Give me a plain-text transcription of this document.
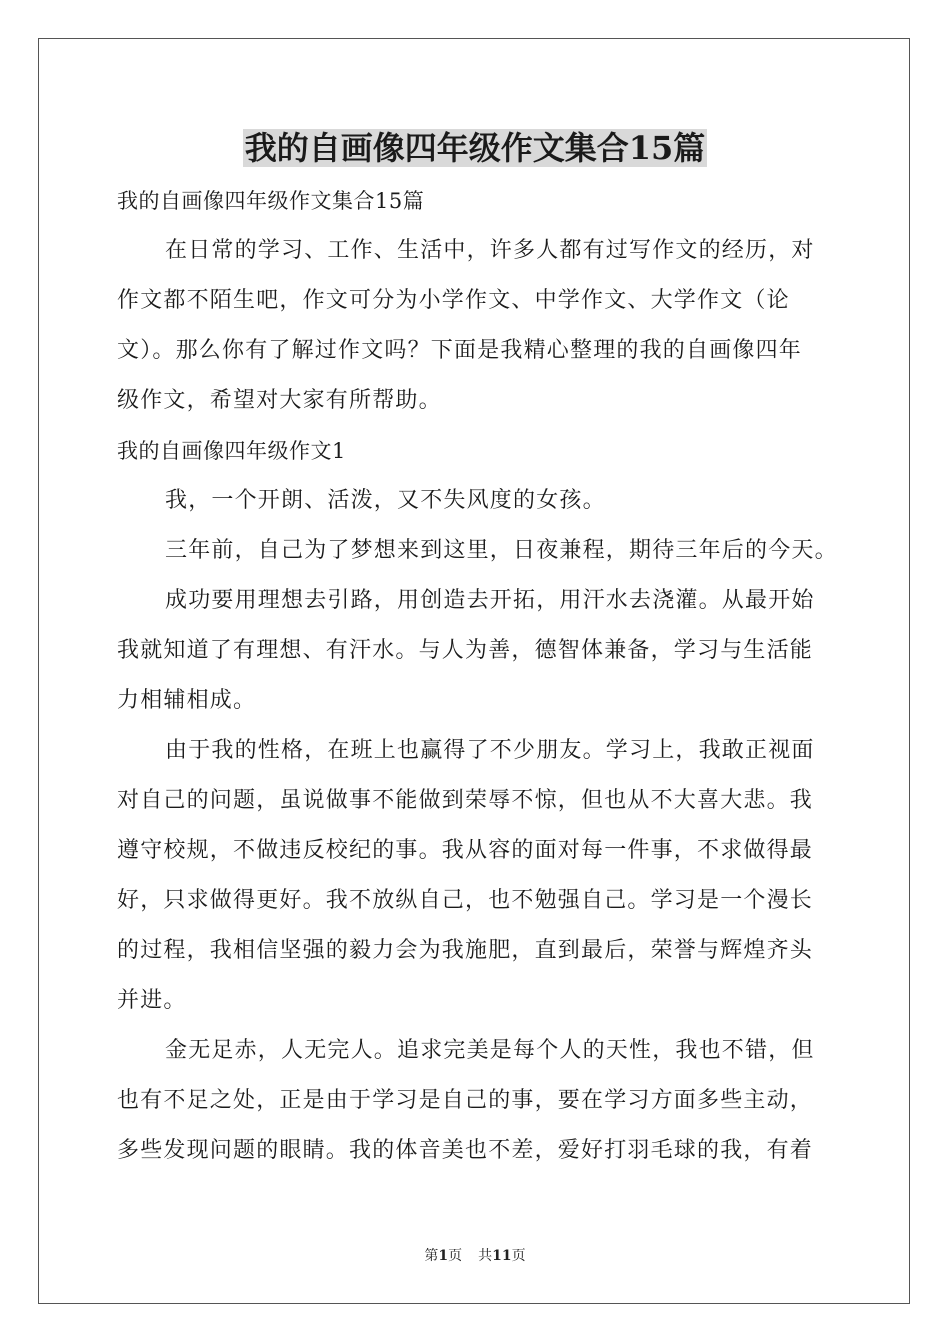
我的自画像四年级作文集合15篇
我的自画像四年级作文集合15篇
在日常的学习、工作、生活中，许多人都有过写作文的经历，对
作文都不陌生吧，作文可分为小学作文、中学作文、大学作文（论
文）。那么你有了解过作文吗？下面是我精心整理的我的自画像四年
级作文，希望对大家有所帮助。
我的自画像四年级作文1
我，一个开朗、活泼，又不失风度的女孩。
三年前，自己为了梦想来到这里，日夜兼程，期待三年后的今天。
成功要用理想去引路，用创造去开拓，用汗水去浇灌。从最开始
我就知道了有理想、有汗水。与人为善，德智体兼备，学习与生活能
力相辅相成。
由于我的性格，在班上也赢得了不少朋友。学习上，我敢正视面
对自己的问题，虽说做事不能做到荣辱不惊，但也从不大喜大悲。我
遵守校规，不做违反校纪的事。我从容的面对每一件事，不求做得最
好，只求做得更好。我不放纵自己，也不勉强自己。学习是一个漫长
的过程，我相信坚强的毅力会为我施肥，直到最后，荣誉与辉煌齐头
并进。
金无足赤，人无完人。追求完美是每个人的天性，我也不错，但
也有不足之处，正是由于学习是自己的事，要在学习方面多些主动，
多些发现问题的眼睛。我的体音美也不差，爱好打羽毛球的我，有着
第1页 共11页
